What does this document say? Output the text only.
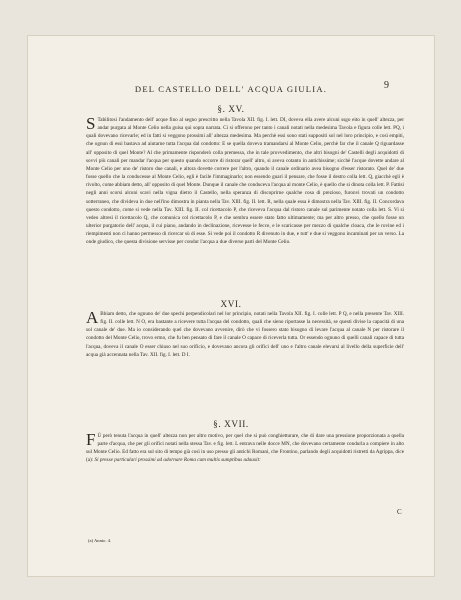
DEL CASTELLO DELL' ACQUA GIULIA.	9
§. XV.
S Tabilitosi l'andamento dell' acque fino al segno prescritto nella Tavola XII. fig. I. lett. DI, doveva ella avere alcuni ssgo eito in quell' altezza, per andar purgata al Monte Celio nella guisa qui sopra narrata. Ci si offerono per tanto i canali notati nella medesima Tavola e figura colle lett. PQ, i quali dovevano ricevarle; ed in fatti si veggono prossimi all' altezza medesima. Ma perchè essi sono stati suppositi sol nel loro principio, e così empiti, che ognun di essi bastava ad aiutarne tutta l'acqua dal condotto: E se quella doveva tramandarsi al Monte Celio, perchè far che il canale Q riguardasse all' opposito di quel Monte? Al che primamente risponderò colla premessa, che in tale provvedimento, che altri bisogni de' Castelli degli acquidotti di sovvi più canali per mandar l'acqua per questo quando occorre di ristorar quell' altro, si aveva cotanto in antichissime; sicchè l'acque dovette andare al Monte Celio per uno de' ristoro due canali, e altora dovette correre per l'altro, quando il canale ordinario avea bisogno d'esser ristorato. Quel de' due fosse quello che la conducesse al Monte Celio, egli è facile l'immaginarlo; non essendo guari il pensare, che fosse il destro colla lett. Q, giacchè egli è rivolto, come abbiam detto, all' opposito di quel Monte. Dunque il canale che conduceva l'acqua al monte Celio, è quello che si dinota colla lett. P. Fattisi negli anni scorsi alcuni scavi nella vigna dietro il Castello, nella speranza di discoprirne qualche cosa di prezioso, furonvi trovati un condotto sotterraneo, che divideva in due nell'ino dimostra in pianta nella Tav. XIII. fig. II. lett. R, nella quale essa è dimostra nella Tav. XIII. fig. II. Concordava questo condotto, come si vede nella Tav. XIII. fig. II. col ricettacolo P, che riceveva l'acqua dal ristoro canale sul parimente notato colla lett. S. Vi si vedeo altresì il ricettacolo Q, che comunica col ricettacolo P, e che sembra essere stato fatto ultimamente; ma per altro presso, che quello fosse un ulterior purgatorio dell' acqua, il cui piano, andando in declinazione, ricevesse le fecce, e le scaricasse per mezzo di qualche cloaca, che le rovine ed i riempimenti non ci hanno permesso di ricercar sù di esse. Si vede poi il condotto R divenuto in due, e tutt' e due si veggono incaminati per un verso. La onde giudico, che questa divisione servisse per condur l'acqua a due diverse parti del Monte Celio.
XVI.
A Bbiam detto, che ognuno de' due spechi perpendicolari nel lor principio, notati nella Tavola XII. fig. I. colle lett. P Q, e nella presente Tav. XIII. fig. II. colle lett. N O, era bastante a ricevere tutta l'acqua del condotto, quali che sieno riportasse la necessità, se questi divise la capacità di una sol canale de' due. Ma io considerando quel che dovevano avvenire, dirò che vi fossero stato bisogno di levare l'acqua al canale N per ristorare il condotto del Monte Celio, trovo ermo, che fu ben pensato di fare il canale O capace di riceverla tutta. Or essendo ognuno di quelli canali capace di tutta l'acqua, doveva il canale O esser chiuso nel suo orificio, e dovevano ancora gli orifici dell' uno e l'altro canale elevarsi al livello della superficie dell' acqua già accennata nella Tav. XII. fig. I. lett. D I.
§. XVII.
F Ù però tenuta l'acqua in quell' altezza non per altro motivo, per quel che si può conghietturare, che di dare una pressione proporzionata a quella parte d'acqua, che per gli orifici notati nella stessa Tav. e fig. lett. L entrava nelle docce MN, che dovevano certamente condurla a compiere in alto sul Monte Celio. Ed fatto era sul sito di tempo già così in uso presso gli antichi Romani, che Frontino, parlando degli acquidotti ristretti da Agrippa, dice (a): Si presse particulari prossimi ad adornare Roma cum multis sumptibus adauxit:
C
(a) Annio. 4.
